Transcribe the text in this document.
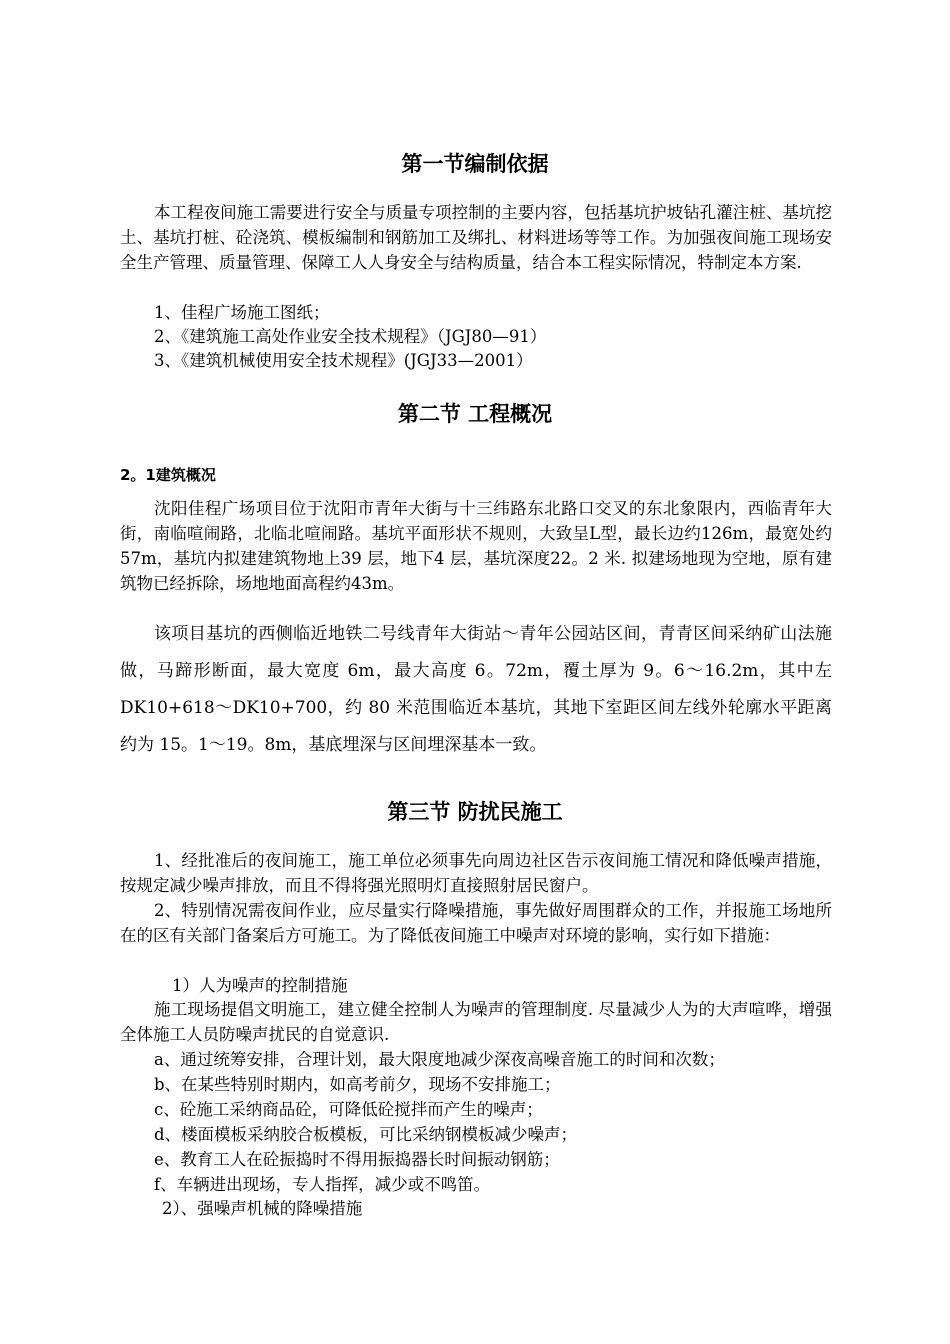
第一节编制依据

本工程夜间施工需要进行安全与质量专项控制的主要内容，包括基坑护坡钻孔灌注桩、基坑挖土、基坑打桩、砼浇筑、模板编制和钢筋加工及绑扎、材料进场等等工作。为加强夜间施工现场安全生产管理、质量管理、保障工人人身安全与结构质量，结合本工程实际情况，特制定本方案.

1、佳程广场施工图纸；
2、《建筑施工高处作业安全技术规程》（JGJ80—91）
3、《建筑机械使用安全技术规程》(JGJ33—2001）
第二节 工程概况
2。1建筑概况

沈阳佳程广场项目位于沈阳市青年大街与十三纬路东北路口交叉的东北象限内，西临青年大街，南临喧闹路，北临北喧闹路。基坑平面形状不规则，大致呈L型，最长边约126m，最宽处约57m，基坑内拟建建筑物地上39 层，地下4 层，基坑深度22。2 米. 拟建场地现为空地，原有建筑物已经拆除，场地地面高程约43m。

该项目基坑的西侧临近地铁二号线青年大街站～青年公园站区间，青青区间采纳矿山法施做，马蹄形断面，最大宽度 6m，最大高度 6。72m，覆土厚为 9。6～16.2m，其中左 DK10+618～DK10+700，约 80 米范围临近本基坑，其地下室距区间左线外轮廓水平距离约为 15。1～19。8m，基底埋深与区间埋深基本一致。

第三节 防扰民施工

1、经批准后的夜间施工，施工单位必须事先向周边社区告示夜间施工情况和降低噪声措施，按规定减少噪声排放，而且不得将强光照明灯直接照射居民窗户。

2、特别情况需夜间作业，应尽量实行降噪措施，事先做好周围群众的工作，并报施工场地所在的区有关部门备案后方可施工。为了降低夜间施工中噪声对环境的影响，实行如下措施：

1）人为噪声的控制措施

施工现场提倡文明施工，建立健全控制人为噪声的管理制度. 尽量减少人为的大声喧哗，增强全体施工人员防噪声扰民的自觉意识.

a、通过统筹安排，合理计划，最大限度地减少深夜高噪音施工的时间和次数；
b、在某些特别时期内，如高考前夕，现场不安排施工；
c、砼施工采纳商品砼，可降低砼搅拌而产生的噪声；
d、楼面模板采纳胶合板模板，可比采纳钢模板减少噪声；
e、教育工人在砼振捣时不得用振捣器长时间振动钢筋；
f、车辆进出现场，专人指挥，减少或不鸣笛。
2）、强噪声机械的降噪措施
